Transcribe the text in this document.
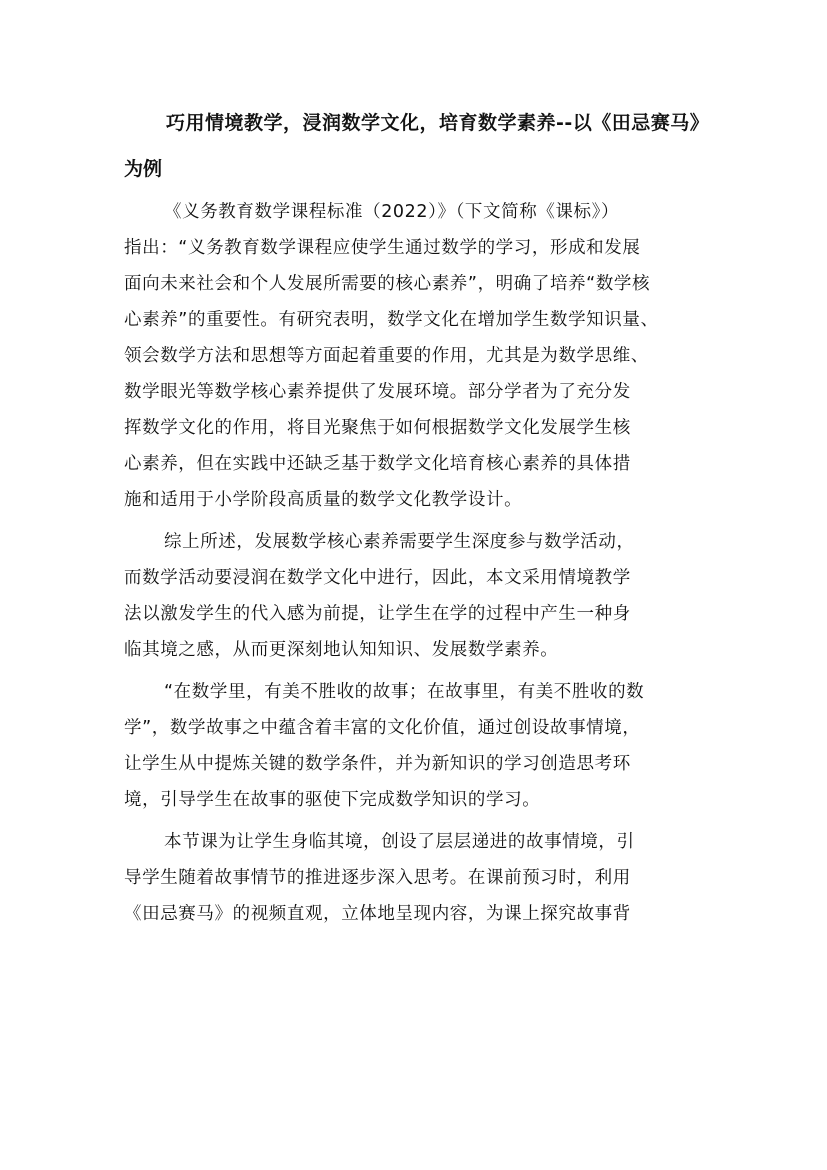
巧用情境教学，浸润数学文化，培育数学素养--以《田忌赛马》
为例

《义务教育数学课程标准（2022）》（下文简称《课标》）
指出：“义务教育数学课程应使学生通过数学的学习，形成和发展
面向未来社会和个人发展所需要的核心素养”，明确了培养“数学核
心素养”的重要性。有研究表明，数学文化在增加学生数学知识量、
领会数学方法和思想等方面起着重要的作用，尤其是为数学思维、
数学眼光等数学核心素养提供了发展环境。部分学者为了充分发
挥数学文化的作用，将目光聚焦于如何根据数学文化发展学生核
心素养，但在实践中还缺乏基于数学文化培育核心素养的具体措
施和适用于小学阶段高质量的数学文化教学设计。

综上所述，发展数学核心素养需要学生深度参与数学活动，
而数学活动要浸润在数学文化中进行，因此，本文采用情境教学
法以激发学生的代入感为前提，让学生在学的过程中产生一种身
临其境之感，从而更深刻地认知知识、发展数学素养。

“在数学里，有美不胜收的故事；在故事里，有美不胜收的数
学”，数学故事之中蕴含着丰富的文化价值，通过创设故事情境，
让学生从中提炼关键的数学条件，并为新知识的学习创造思考环
境，引导学生在故事的驱使下完成数学知识的学习。

本节课为让学生身临其境，创设了层层递进的故事情境，引
导学生随着故事情节的推进逐步深入思考。在课前预习时，利用
《田忌赛马》的视频直观，立体地呈现内容，为课上探究故事背
